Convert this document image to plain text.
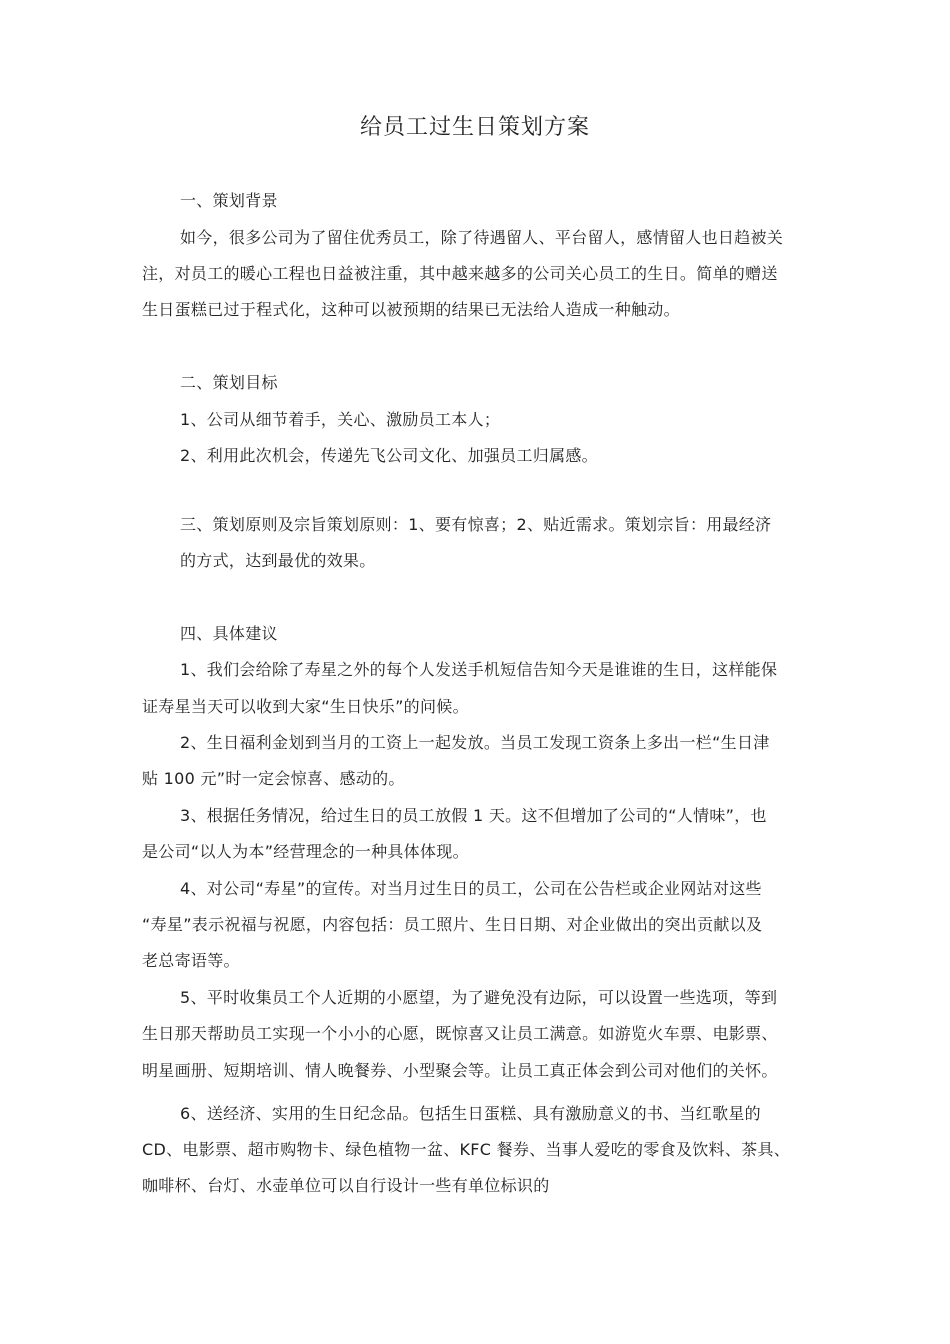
给员工过生日策划方案
一、策划背景
如今，很多公司为了留住优秀员工，除了待遇留人、平台留人，感情留人也日趋被关
注，对员工的暖心工程也日益被注重，其中越来越多的公司关心员工的生日。简单的赠送
生日蛋糕已过于程式化，这种可以被预期的结果已无法给人造成一种触动。
二、策划目标
1、公司从细节着手，关心、激励员工本人；
2、利用此次机会，传递先飞公司文化、加强员工归属感。
三、策划原则及宗旨策划原则：1、要有惊喜；2、贴近需求。策划宗旨：用最经济
的方式，达到最优的效果。
四、具体建议
1、我们会给除了寿星之外的每个人发送手机短信告知今天是谁谁的生日，这样能保
证寿星当天可以收到大家“生日快乐”的问候。
2、生日福利金划到当月的工资上一起发放。当员工发现工资条上多出一栏“生日津
贴 100 元”时一定会惊喜、感动的。
3、根据任务情况，给过生日的员工放假 1 天。这不但增加了公司的“人情味”，也
是公司“以人为本”经营理念的一种具体体现。
4、对公司“寿星”的宣传。对当月过生日的员工，公司在公告栏或企业网站对这些
“寿星”表示祝福与祝愿，内容包括：员工照片、生日日期、对企业做出的突出贡献以及
老总寄语等。
5、平时收集员工个人近期的小愿望，为了避免没有边际，可以设置一些选项，等到
生日那天帮助员工实现一个小小的心愿，既惊喜又让员工满意。如游览火车票、电影票、
明星画册、短期培训、情人晚餐券、小型聚会等。让员工真正体会到公司对他们的关怀。
6、送经济、实用的生日纪念品。包括生日蛋糕、具有激励意义的书、当红歌星的
CD、电影票、超市购物卡、绿色植物一盆、KFC 餐券、当事人爱吃的零食及饮料、茶具、
咖啡杯、台灯、水壶单位可以自行设计一些有单位标识的
